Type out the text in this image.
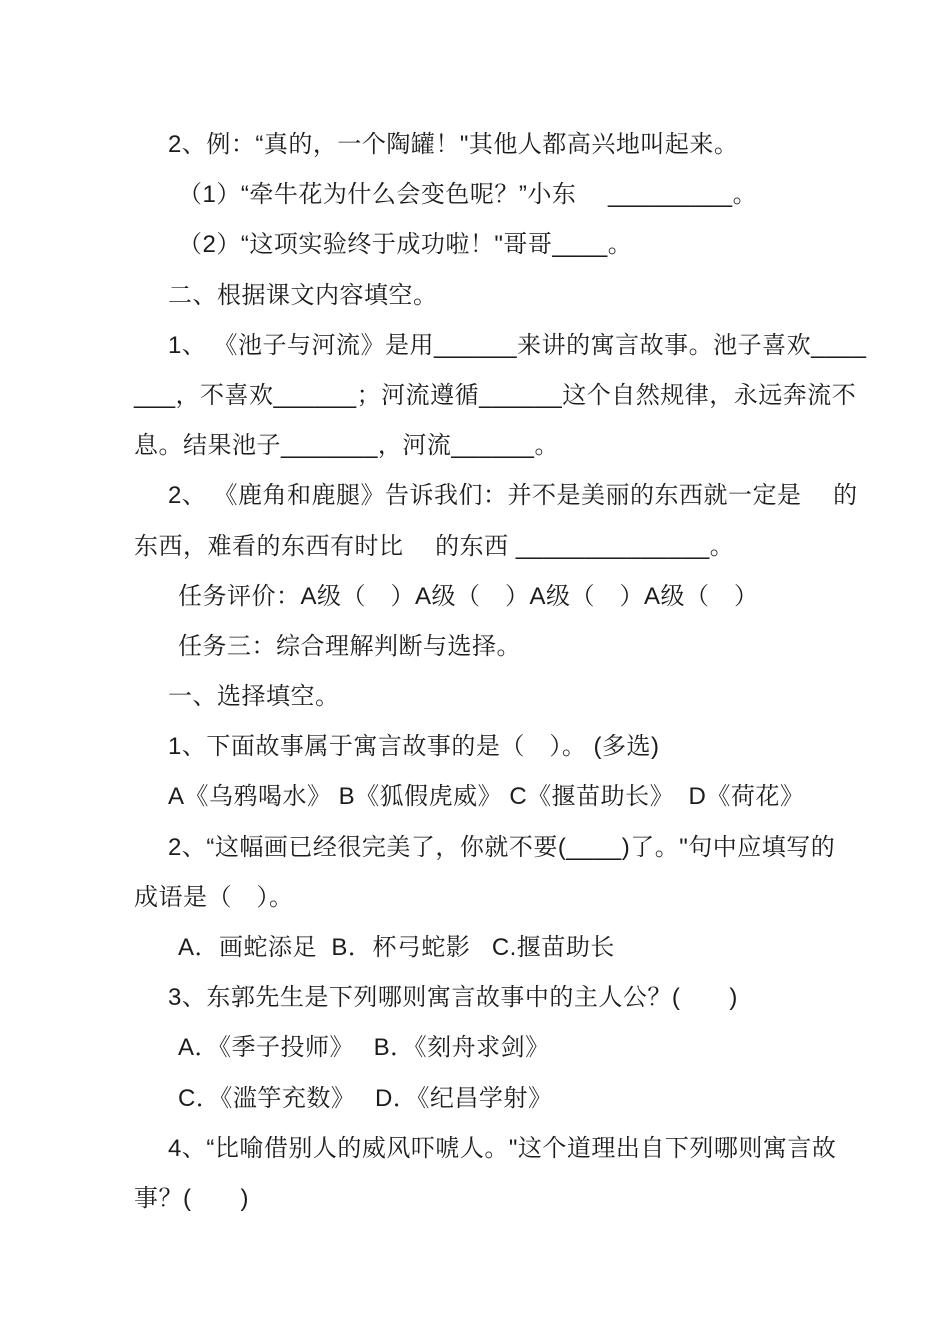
2、例：“真的，一个陶罐！"其他人都高兴地叫起来。
（1）“牵牛花为什么会变色呢？”小东　 _________。
（2）“这项实验终于成功啦！"哥哥____。
二、根据课文内容填空。
1、 《池子与河流》是用______来讲的寓言故事。池子喜欢____
___，不喜欢______；河流遵循______这个自然规律，永远奔流不
息。结果池子_______，河流______。
2、 《鹿角和鹿腿》告诉我们：并不是美丽的东西就一定是　 的
东西，难看的东西有时比　 的东西 ______________。
任务评价：A级（　）A级（　）A级（　）A级（　）
任务三：综合理解判断与选择。
一、选择填空。
1、下面故事属于寓言故事的是（　）。 (多选)
A《乌鸦喝水》 B《狐假虎威》 C《揠苗助长》  D《荷花》
2、“这幅画已经很完美了，你就不要(____)了。"句中应填写的
成语是（　）。
A．画蛇添足  B．杯弓蛇影   C.揠苗助长
3、东郭先生是下列哪则寓言故事中的主人公？(　　)
A．《季子投师》　 B．《刻舟求剑》
C．《滥竽充数》　 D．《纪昌学射》
4、“比喻借别人的威风吓唬人。"这个道理出自下列哪则寓言故
事？(　　)
